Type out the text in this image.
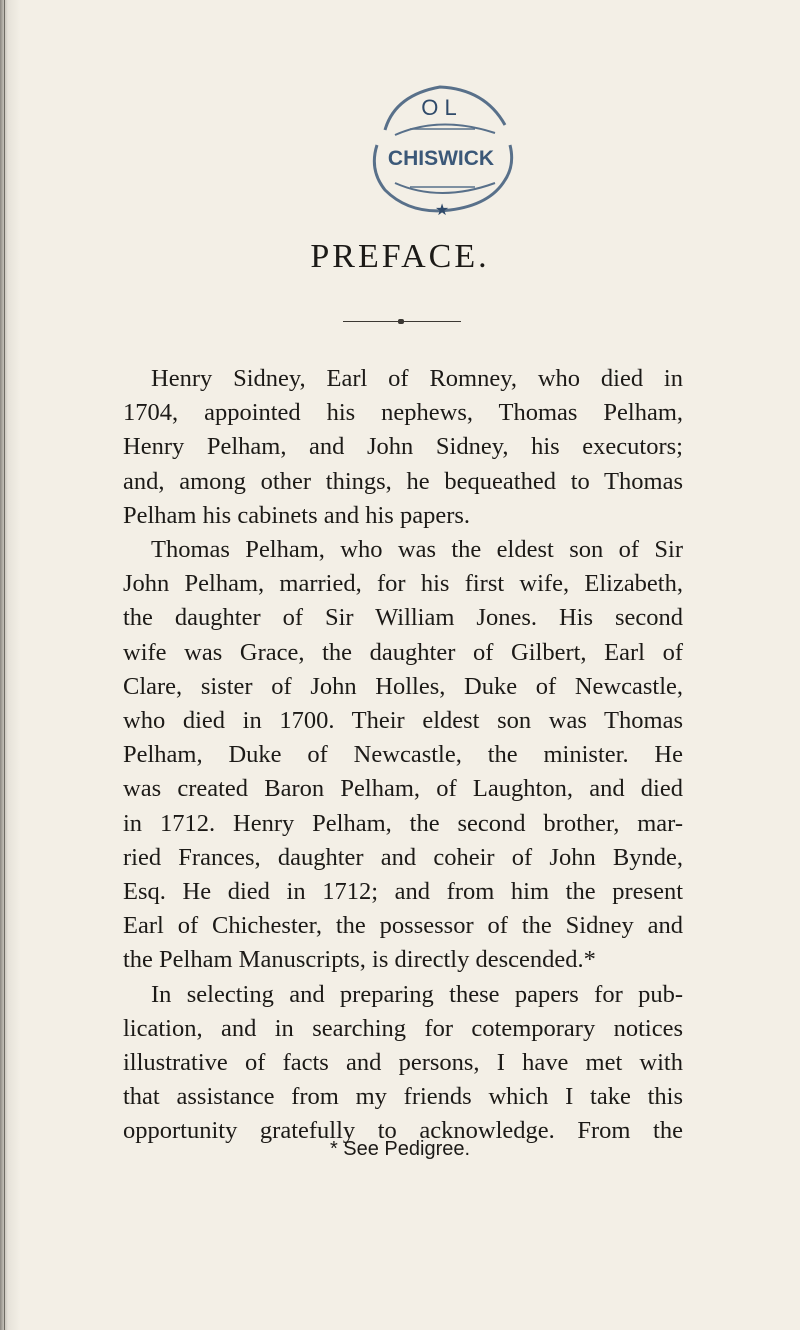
O L
CHISWICK
★
PREFACE.
Henry Sidney, Earl of Romney, who died in
1704, appointed his nephews, Thomas Pelham,
Henry Pelham, and John Sidney, his executors;
and, among other things, he bequeathed to Thomas
Pelham his cabinets and his papers.
Thomas Pelham, who was the eldest son of Sir
John Pelham, married, for his first wife, Elizabeth,
the daughter of Sir William Jones. His second
wife was Grace, the daughter of Gilbert, Earl of
Clare, sister of John Holles, Duke of Newcastle,
who died in 1700. Their eldest son was Thomas
Pelham, Duke of Newcastle, the minister. He
was created Baron Pelham, of Laughton, and died
in 1712. Henry Pelham, the second brother, mar-
ried Frances, daughter and coheir of John Bynde,
Esq. He died in 1712; and from him the present
Earl of Chichester, the possessor of the Sidney and
the Pelham Manuscripts, is directly descended.*
In selecting and preparing these papers for pub-
lication, and in searching for cotemporary notices
illustrative of facts and persons, I have met with
that assistance from my friends which I take this
opportunity gratefully to acknowledge. From the
* See Pedigree.
